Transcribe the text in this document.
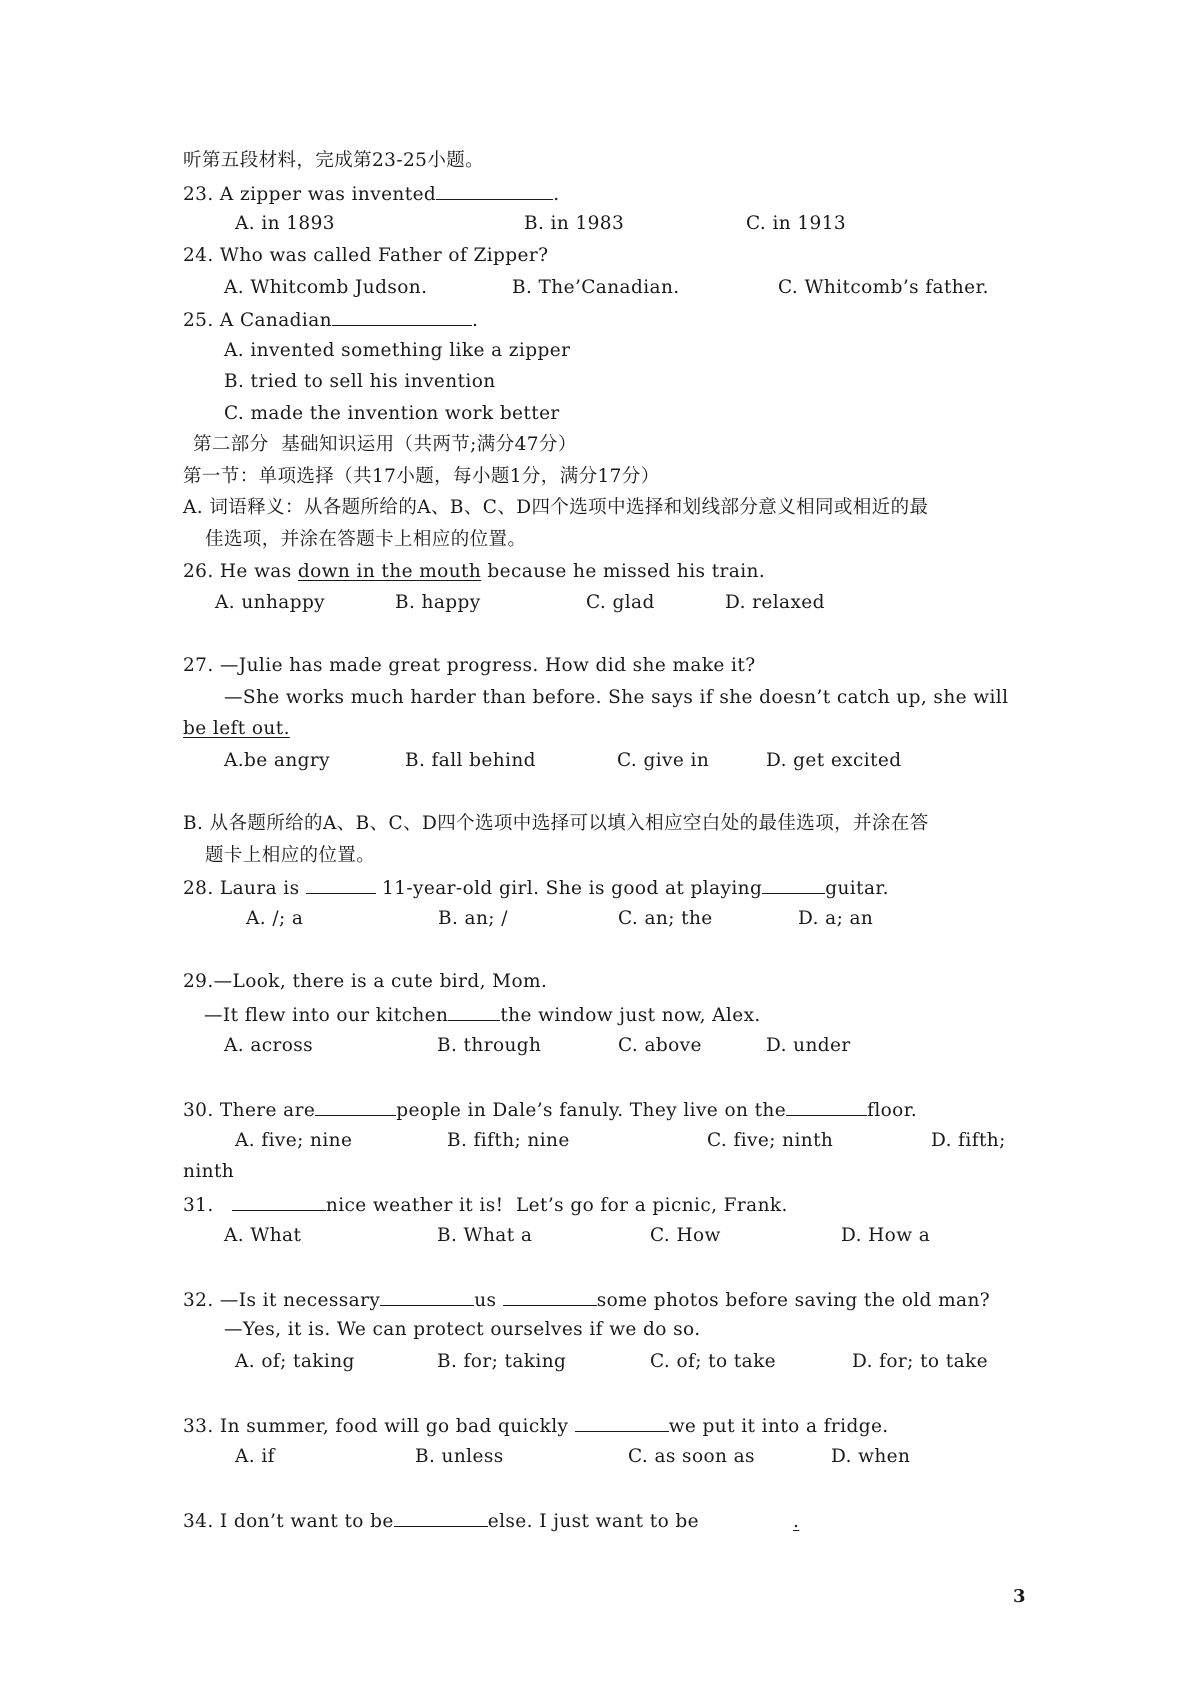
听第五段材料，完成第23-25小题。
23. A zipper was invented	.
A. in 1893	B. in 1983	C. in 1913
24. Who was called Father of Zipper?
A. Whitcomb Judson.	B. The’Canadian.	C. Whitcomb’s father.
25. A Canadian	.
A. invented something like a zipper
B. tried to sell his invention
C. made the invention work better
第二部分  基础知识运用（共两节;满分47分）
第一节：单项选择（共17小题，每小题1分，满分17分）
A. 词语释义：从各题所给的A、B、C、D四个选项中选择和划线部分意义相同或相近的最
佳选项，并涂在答题卡上相应的位置。
26. He was down in the mouth because he missed his train.
A. unhappy	B. happy	C. glad	D. relaxed
27. —Julie has made great progress. How did she make it?
—She works much harder than before. She says if she doesn’t catch up, she will
be left out.
A.be angry	B. fall behind	C. give in	D. get excited
B. 从各题所给的A、B、C、D四个选项中选择可以填入相应空白处的最佳选项，并涂在答
题卡上相应的位置。
28. Laura is	11-year-old girl. She is good at playing	guitar.
A. /; a	B. an; /	C. an; the	D. a; an
29.—Look, there is a cute bird, Mom.
—It flew into our kitchen	the window just now, Alex.
A. across	B. through	C. above	D. under
30. There are	people in Dale’s fanuly. They live on the	floor.
A. five; nine	B. fifth; nine	C. five; ninth	D. fifth;
ninth
31.	nice weather it is!  Let’s go for a picnic, Frank.
A. What	B. What a	C. How	D. How a
32. —Is it necessary	us	some photos before saving the old man?
—Yes, it is. We can protect ourselves if we do so.
A. of; taking	B. for; taking	C. of; to take	D. for; to take
33. In summer, food will go bad quickly	we put it into a fridge.
A. if	B. unless	C. as soon as	D. when
34. I don’t want to be	else. I just want to be	.
3
